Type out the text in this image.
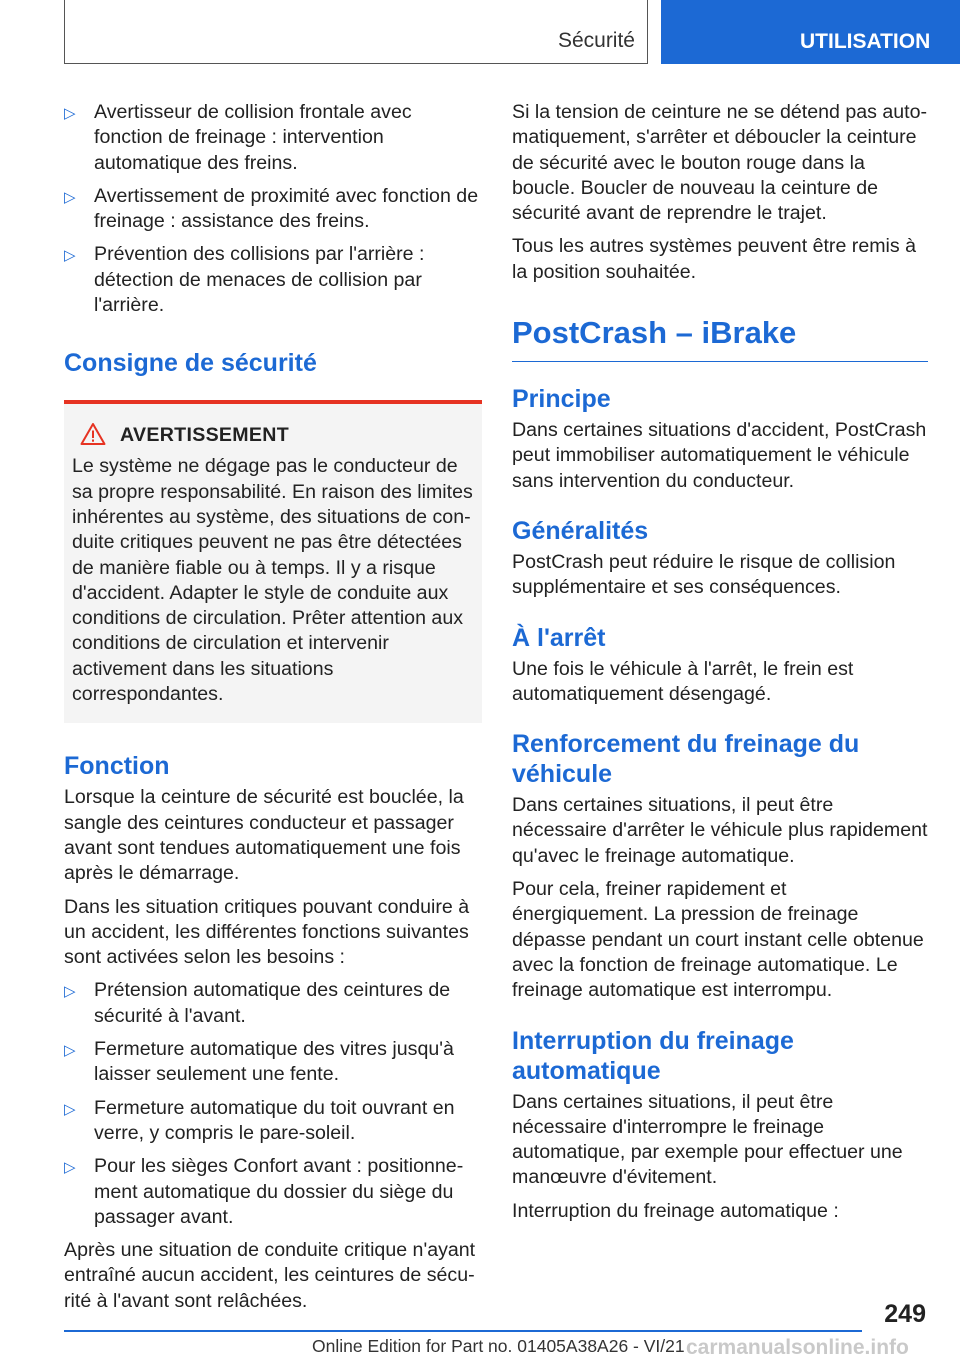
Sécurité	UTILISATION
▷ Avertisseur de collision frontale avec fonction de freinage : intervention automatique des freins.
▷ Avertissement de proximité avec fonction de freinage : assistance des freins.
▷ Prévention des collisions par l'arrière : détection de menaces de collision par l'arrière.
Consigne de sécurité
AVERTISSEMENT
Le système ne dégage pas le conducteur de sa propre responsabilité. En raison des limites inhérentes au système, des situations de conduite critiques peuvent ne pas être détectées de manière fiable ou à temps. Il y a risque d'accident. Adapter le style de conduite aux conditions de circulation. Prêter attention aux conditions de circulation et intervenir activement dans les situations correspondantes.
Fonction

Lorsque la ceinture de sécurité est bouclée, la sangle des ceintures conducteur et passager avant sont tendues automatiquement une fois après le démarrage.

Dans les situation critiques pouvant conduire à un accident, les différentes fonctions suivantes sont activées selon les besoins :

▷ Prétension automatique des ceintures de sécurité à l'avant.
▷ Fermeture automatique des vitres jusqu'à laisser seulement une fente.
▷ Fermeture automatique du toit ouvrant en verre, y compris le pare-soleil.
▷ Pour les sièges Confort avant : positionnement automatique du dossier du siège du passager avant.

Après une situation de conduite critique n'ayant entraîné aucun accident, les ceintures de sécurité à l'avant sont relâchées.

Si la tension de ceinture ne se détend pas automatiquement, s'arrêter et déboucler la ceinture de sécurité avec le bouton rouge dans la boucle. Boucler de nouveau la ceinture de sécurité avant de reprendre le trajet.

Tous les autres systèmes peuvent être remis à la position souhaitée.

PostCrash – iBrake
Principe

Dans certaines situations d'accident, PostCrash peut immobiliser automatiquement le véhicule sans intervention du conducteur.

Généralités

PostCrash peut réduire le risque de collision supplémentaire et ses conséquences.

À l'arrêt

Une fois le véhicule à l'arrêt, le frein est automatiquement désengagé.

Renforcement du freinage du véhicule

Dans certaines situations, il peut être nécessaire d'arrêter le véhicule plus rapidement qu'avec le freinage automatique.

Pour cela, freiner rapidement et énergiquement. La pression de freinage dépasse pendant un court instant celle obtenue avec la fonction de freinage automatique. Le freinage automatique est interrompu.

Interruption du freinage automatique

Dans certaines situations, il peut être nécessaire d'interrompre le freinage automatique, par exemple pour effectuer une manœuvre d'évitement.

Interruption du freinage automatique :

249
Online Edition for Part no. 01405A38A26 - VI/21 carmanualsonline.info
